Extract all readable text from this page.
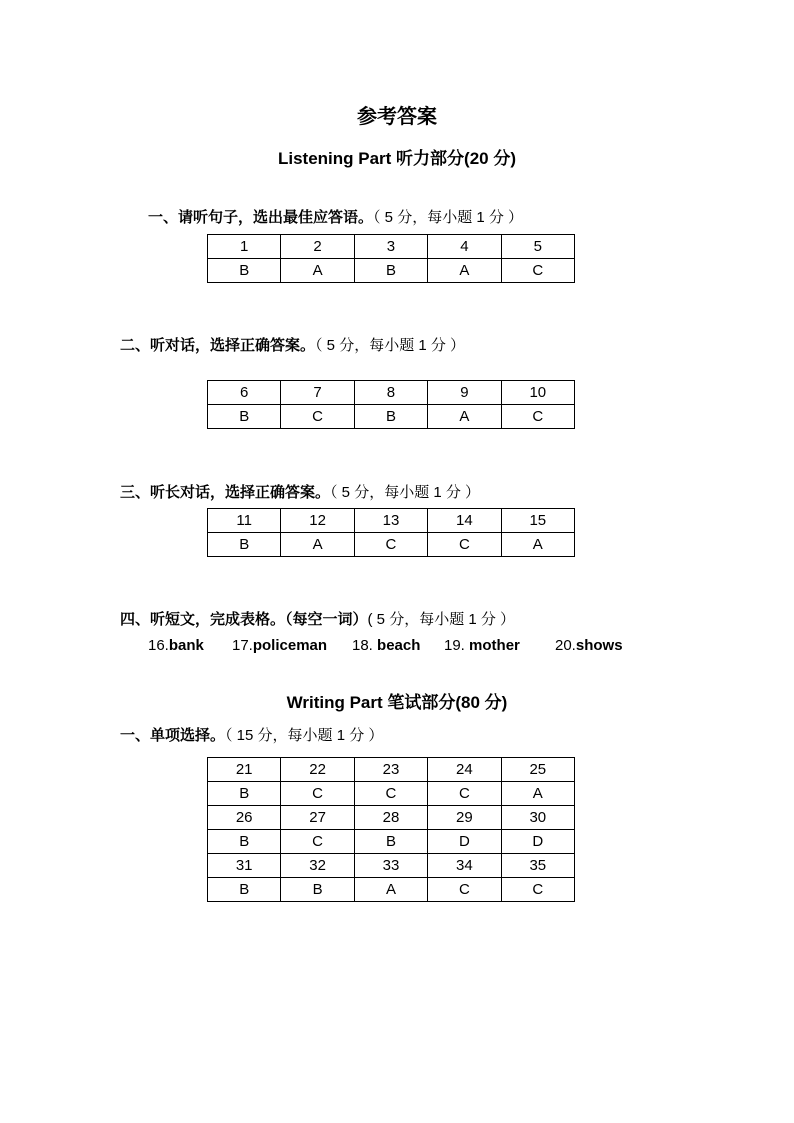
参考答案
Listening Part 听力部分(20 分)
一、请听句子，选出最佳应答语。（ 5 分，每小题 1 分 ）
1	2	3	4	5
B	A	B	A	C
二、听对话，选择正确答案。（ 5 分，每小题 1 分 ）
6	7	8	9	10
B	C	B	A	C
三、听长对话，选择正确答案。（ 5 分，每小题 1 分 ）
11	12	13	14	15
B	A	C	C	A
四、听短文，完成表格。（每空一词）( 5 分，每小题 1 分 ）
16.bank 17.policeman 18. beach 19. mother 20.shows
Writing Part 笔试部分(80 分)
一、单项选择。（ 15 分，每小题 1 分 ）
21	22	23	24	25
B	C	C	C	A
26	27	28	29	30
B	C	B	D	D
31	32	33	34	35
B	B	A	C	C
